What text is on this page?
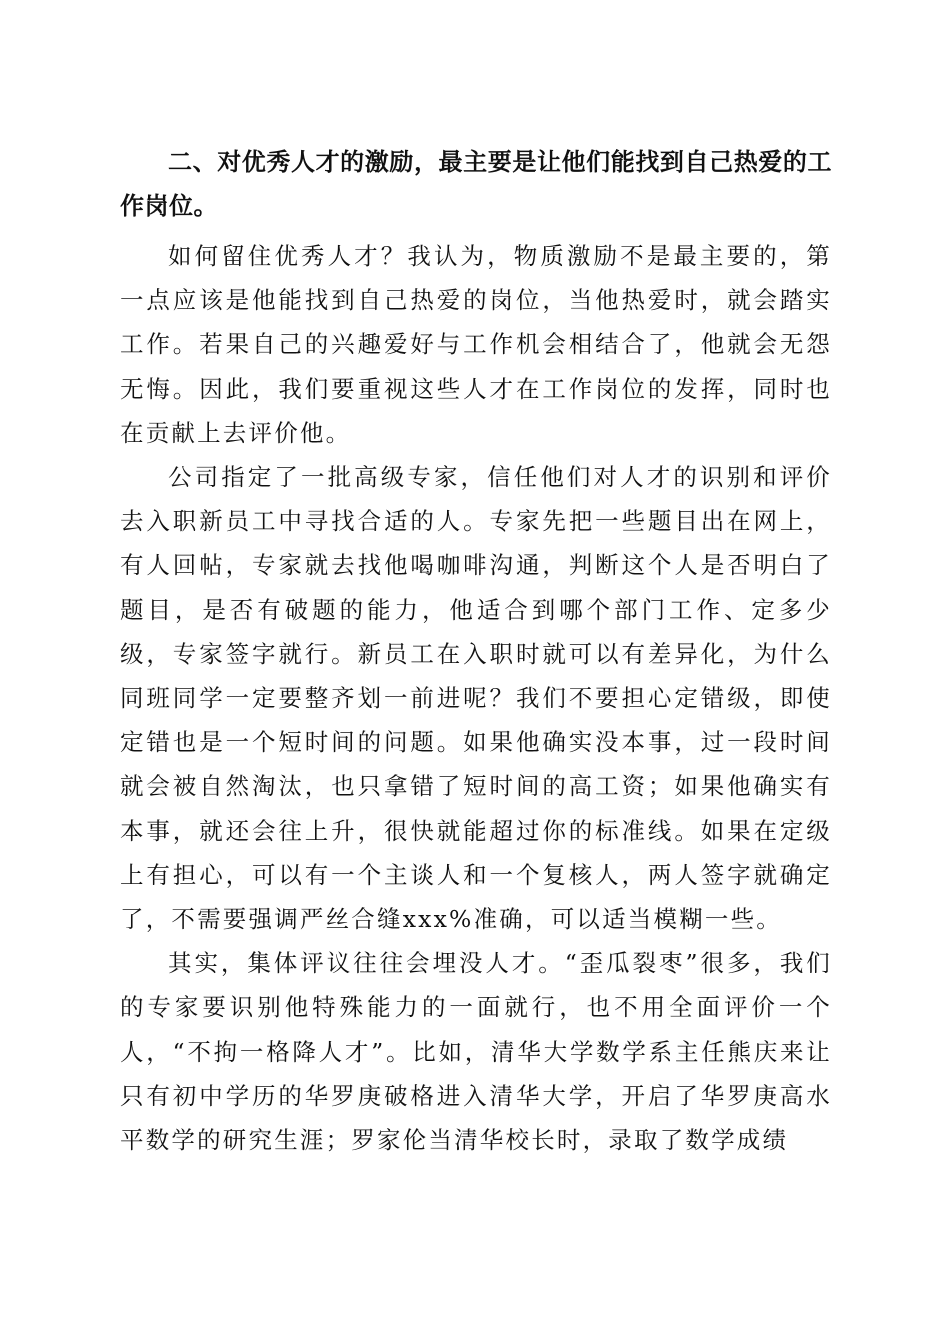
二、对优秀人才的激励，最主要是让他们能找到自己热爱的工作岗位。

如何留住优秀人才？我认为，物质激励不是最主要的，第一点应该是他能找到自己热爱的岗位，当他热爱时，就会踏实工作。若果自己的兴趣爱好与工作机会相结合了，他就会无怨无悔。因此，我们要重视这些人才在工作岗位的发挥，同时也在贡献上去评价他。

公司指定了一批高级专家，信任他们对人才的识别和评价去入职新员工中寻找合适的人。专家先把一些题目出在网上，有人回帖，专家就去找他喝咖啡沟通，判断这个人是否明白了题目，是否有破题的能力，他适合到哪个部门工作、定多少级，专家签字就行。新员工在入职时就可以有差异化，为什么同班同学一定要整齐划一前进呢？我们不要担心定错级，即使定错也是一个短时间的问题。如果他确实没本事，过一段时间就会被自然淘汰，也只拿错了短时间的高工资；如果他确实有本事，就还会往上升，很快就能超过你的标准线。如果在定级上有担心，可以有一个主谈人和一个复核人，两人签字就确定了，不需要强调严丝合缝xxx%准确，可以适当模糊一些。

其实，集体评议往往会埋没人才。“歪瓜裂枣”很多，我们的专家要识别他特殊能力的一面就行，也不用全面评价一个人，“不拘一格降人才”。比如，清华大学数学系主任熊庆来让只有初中学历的华罗庚破格进入清华大学，开启了华罗庚高水平数学的研究生涯；罗家伦当清华校长时，录取了数学成绩
